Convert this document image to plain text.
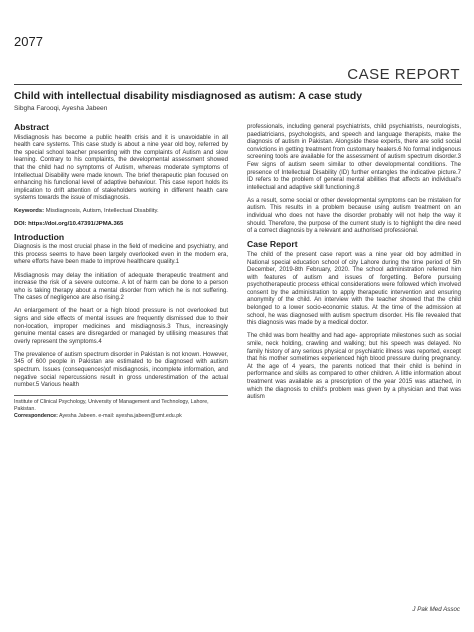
2077
CASE REPORT
Child with intellectual disability misdiagnosed as autism: A case study
Sibgha Farooqi, Ayesha Jabeen
Abstract

Misdiagnosis has become a public health crisis and it is unavoidable in all health care systems. This case study is about a nine year old boy, referred by the special school teacher presenting with the complaints of Autism and slow learning. Contrary to his complaints, the developmental assessment showed that the child had no symptoms of Autism, whereas moderate symptoms of Intellectual Disability were made known. The brief therapeutic plan focused on enhancing his functional level of adaptive behaviour. This case report holds its implication to drift attention of stakeholders working in different health care systems towards the issue of misdiagnosis.

Keywords: Misdiagnosis, Autism, Intellectual Disability.

DOI: https://doi.org/10.47391/JPMA.365

Introduction

Diagnosis is the most crucial phase in the field of medicine and psychiatry, and this process seems to have been largely overlooked even in the modern era, where efforts have been made to improve healthcare quality.1

Misdiagnosis may delay the initiation of adequate therapeutic treatment and increase the risk of a severe outcome. A lot of harm can be done to a person who is taking therapy about a mental disorder from which he is not suffering. The cases of negligence are also rising.2

An enlargement of the heart or a high blood pressure is not overlooked but signs and side effects of mental issues are frequently dismissed due to their non-location, improper medicines and misdiagnosis.3 Thus, increasingly genuine mental cases are disregarded or managed by utilising measures that overly represent the symptoms.4

The prevalence of autism spectrum disorder in Pakistan is not known. However, 345 of 600 people in Pakistan are estimated to be diagnosed with autism spectrum. Issues (consequences)of misdiagnosis, incomplete information, and negative social repercussions result in gross underestimation of the actual number.5 Various health

Institute of Clinical Psychology, University of Management and Technology, Lahore, Pakistan.
Correspondence: Ayesha Jabeen. e-mail: ayesha.jabeen@umt.edu.pk

professionals, including general psychiatrists, child psychiatrists, neurologists, paediatricians, psychologists, and speech and language therapists, make the diagnosis of autism in Pakistan. Alongside these experts, there are solid social convictions in getting treatment from customary healers.6 No formal indigenous screening tools are available for the assessment of autism spectrum disorder.3 Few signs of autism seem similar to other developmental conditions. The presence of Intellectual Disability (ID) further entangles the indicative picture.7 ID refers to the problem of general mental abilities that affects an individual's intellectual and adaptive skill functioning.8

As a result, some social or other developmental symptoms can be mistaken for autism. This results in a problem because using autism treatment on an individual who does not have the disorder probably will not help the way it should. Therefore, the purpose of the current study is to highlight the dire need of a correct diagnosis by a relevant and authorised professional.

Case Report

The child of the present case report was a nine year old boy admitted in National special education school of city Lahore during the time period of 5th December, 2019-8th February, 2020. The school administration referred him with features of autism and issues of forgetting. Before pursuing psychotherapeutic process ethical considerations were followed which involved consent by the administration to apply therapeutic intervention and ensuring anonymity of the child. An interview with the teacher showed that the child belonged to a lower socio-economic status. At the time of the admission at school, he was diagnosed with autism spectrum disorder. His file revealed that this diagnosis was made by a medical doctor.

The child was born healthy and had age- appropriate milestones such as social smile, neck holding, crawling and walking; but his speech was delayed. No family history of any serious physical or psychiatric illness was reported, except that his mother sometimes experienced high blood pressure during pregnancy. At the age of 4 years, the parents noticed that their child is behind in performance and skills as compared to other children. A little information about treatment was available as a prescription of the year 2015 was attached, in which the diagnosis to child's problem was given by a physician and that was autism

J Pak Med Assoc
